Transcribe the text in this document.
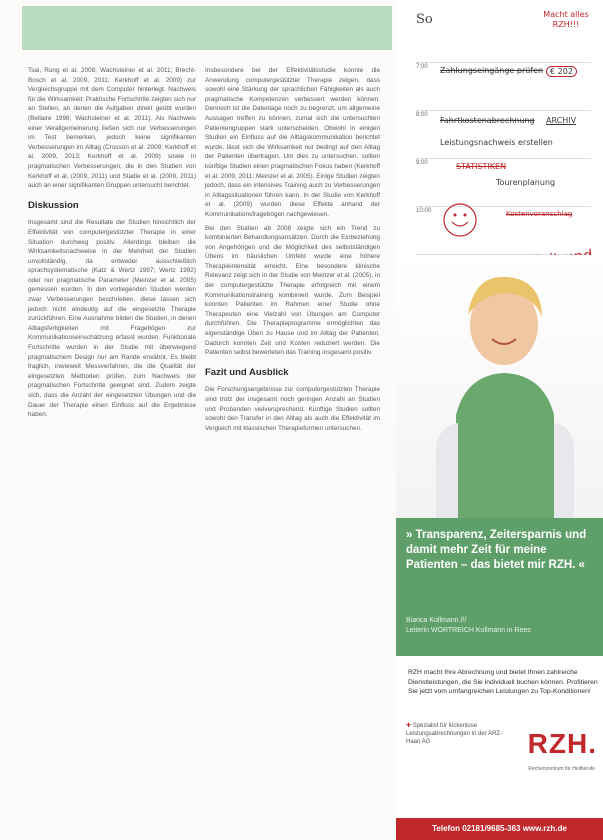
Tsai, Rung et al. 2008; Wachsteiner et al. 2011; Brecht-Bosch et al. 2009, 2011; Kerkhoff et al. 2009) zur Vergleichsgruppe mit dem Computer hinterlegt. Nachweis für die Wirksamkeit: Praktische Fortschritte zeigten sich nur an Stellen, an denen die Aufgaben direkt geübt wurden (Bellaire 1998; Wachsteiner et al. 2011). Als Nachweis einer Verallgemeinerung ließen sich nur Verbesserungen im Test bemerken, jedoch keine signifikanten Verbesserungen im Alltag (Crosson et al. 2009; Kerkhoff et al. 2009, 2013; Kerkhoff et al. 2009) sowie in pragmatischen Verbesserungen, die in den Studien von Kerkhoff et al. (2009, 2011) und Stadie et al. (2009, 2011) auch an einer signifikanten Gruppen untersucht berichtet.

Diskussion

Insgesamt sind die Resultate der Studien hinsichtlich der Effektivität von computergestützter Therapie in einer Situation durchweg positiv. Allerdings bleiben die Wirksamkeitsnachweise in der Mehrheit der Studien unvollständig, da entweder ausschließlich sprachsystematische (Katz & Wertz 1997; Wertz 1992) oder nur pragmatische Parameter (Meinzer et al. 2005) gemessen wurden. In den vorliegenden Studien werden zwar Verbesserungen beschrieben, diese lassen sich jedoch nicht eindeutig auf die eingesetzte Therapie zurückführen. Eine Ausnahme bilden die Studien, in denen Alltagsfertigkeiten mit Fragebögen zur Kommunikationseinschätzung erfasst wurden. Funktionale Fortschritte wurden in der Studie mit überwiegend pragmatischem Design nur am Rande erwähnt. Es bleibt fraglich, inwieweit Messverfahren, die die Qualität der eingesetzten Methoden prüfen, zum Nachweis der pragmatischen Fortschritte geeignet sind. Zudem zeigte sich, dass die Anzahl der eingesetzten Übungen und die Dauer der Therapie einen Einfluss auf die Ergebnisse haben.

Insbesondere bei der Effektivitätsstudie konnte die Anwendung computergestützter Therapie zeigen, dass sowohl eine Stärkung der sprachlichen Fähigkeiten als auch pragmatische Kompetenzen verbessert werden können. Dennoch ist die Datenlage noch zu begrenzt, um allgemeine Aussagen treffen zu können, zumal sich die untersuchten Patientengruppen stark unterscheiden. Obwohl in einigen Studien ein Einfluss auf die Alltagskommunikation berichtet wurde, lässt sich die Wirksamkeit nur bedingt auf den Alltag der Patienten übertragen. Um dies zu untersuchen, sollten künftige Studien einen pragmatischen Fokus haben (Kerkhoff et al. 2009, 2011; Meinzer et al. 2005). Einige Studien zeigten jedoch, dass ein intensives Training auch zu Verbesserungen in Alltagssituationen führen kann. In der Studie von Kerkhoff et al. (2009) wurden diese Effekte anhand der Kommunikationsfragebögen nachgewiesen.

Bei den Studien ab 2008 zeigte sich ein Trend zu kombinierten Behandlungsansätzen. Durch die Einbeziehung von Angehörigen und die Möglichkeit des selbstständigen Übens im häuslichen Umfeld wurde eine höhere Therapieintensität erreicht. Eine besondere klinische Relevanz zeigt sich in der Studie von Meinzer et al. (2005), in der computergestützte Therapie erfolgreich mit einem Kommunikationstraining kombiniert wurde. Zum Beispiel konnten Patienten im Rahmen einer Studie ohne Therapeuten eine Vielzahl von Übungen am Computer durchführen. Die Therapieprogramme ermöglichten das eigenständige Üben zu Hause und im Alltag der Patienten. Dadurch konnten Zeit und Kosten reduziert werden. Die Patienten selbst bewerteten das Training insgesamt positiv.

Fazit und Ausblick

Die Forschungsergebnisse zur computergestützten Therapie sind trotz der insgesamt noch geringen Anzahl an Studien und Probanden vielversprechend. Künftige Studien sollten sowohl den Transfer in den Alltag als auch die Effektivität im Vergleich mit klassischen Therapieformen untersuchen.

So
7:00
8:00
9:00
10:00
Macht alles RZH!!!
Zahlungseingänge prüfen € 202
Fahrtkostenabrechnung ARCHIV
Leistungsnachweis erstellen
STATISTIKEN
Tourenplanung
Kostenvoranschlag
» Transparenz, Zeitersparnis und damit mehr Zeit für meine Patienten – das bietet mir RZH. «
Bianca Kollmann ///
Leiterin WORTREICH Kollmann in Rees
RZH macht Ihre Abrechnung und bietet Ihnen zahlreiche Dienstleistungen, die Sie individuell buchen können. Profitieren Sie jetzt vom umfangreichen Leistungen zu Top-Konditionen!
✚ Spezialist für lückenlose Leistungsabrechnungen in der ARZ-Haan AG	RZH.
Rechenzentrum für Heilberufe
Telefon 02181/9685-363 www.rzh.de
